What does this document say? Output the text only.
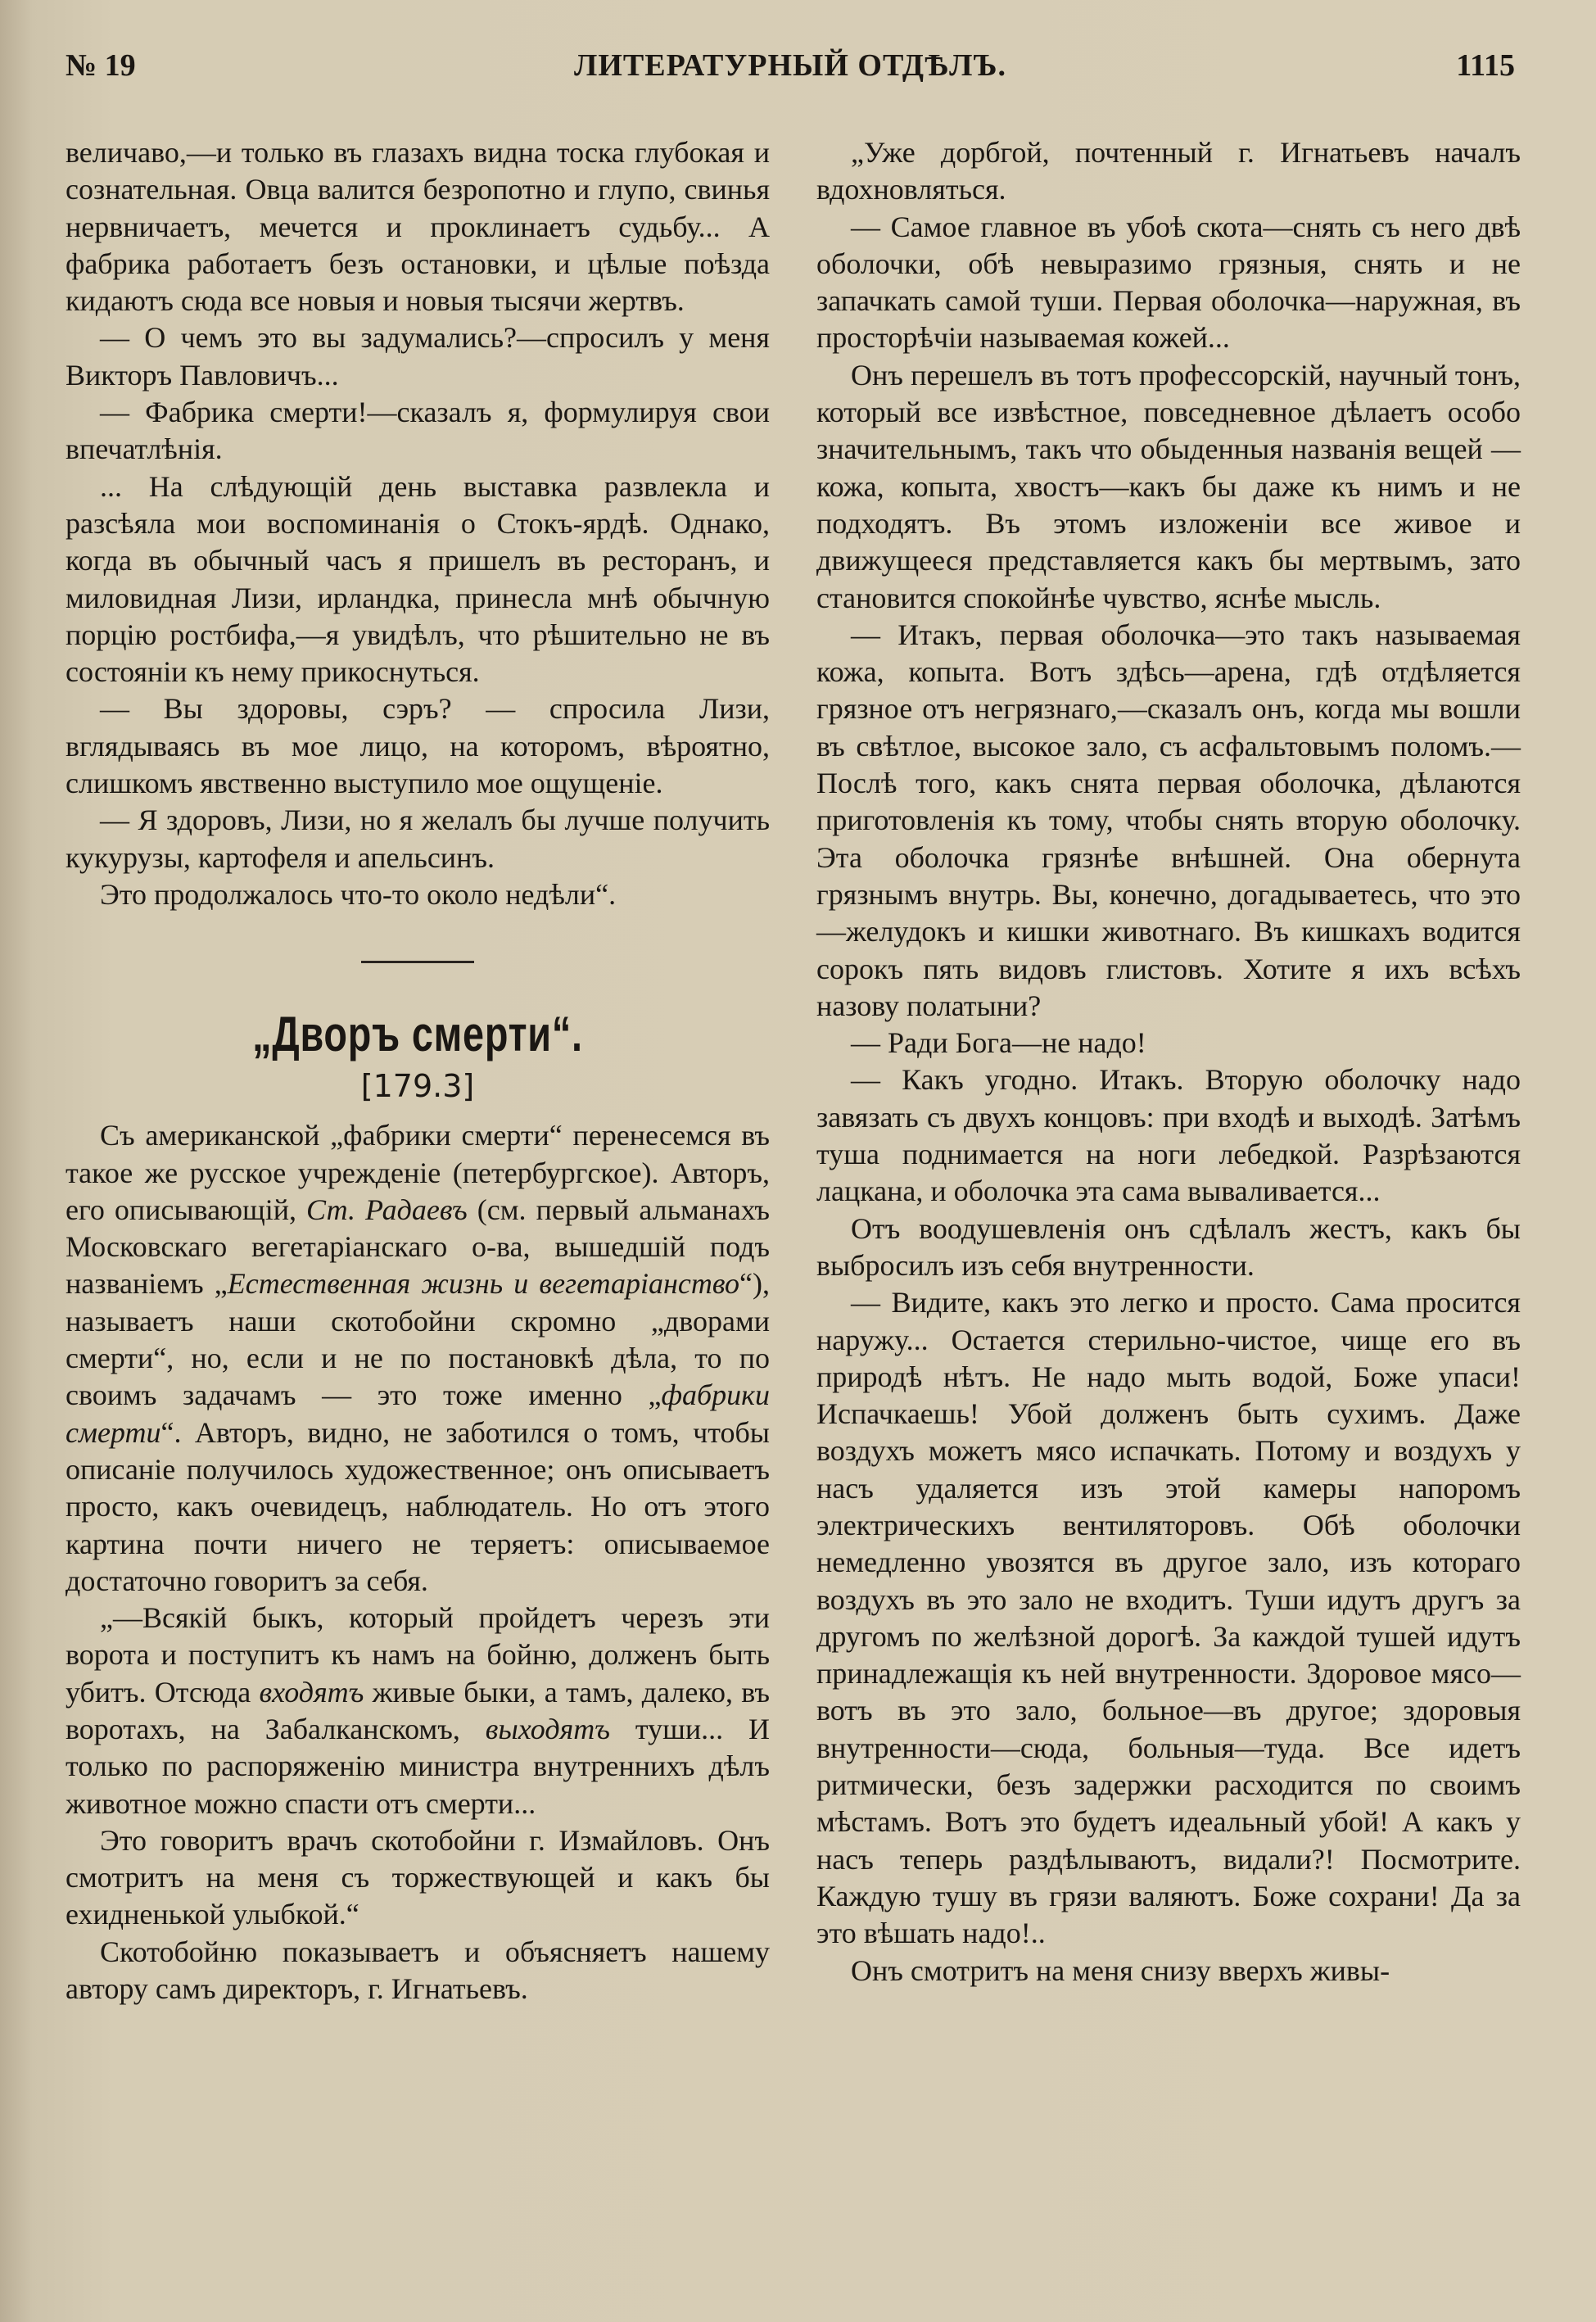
№ 19	ЛИТЕРАТУРНЫЙ ОТДѢЛЪ.	1115

величаво,—и только въ глазахъ видна тоска глубокая и сознательная. Овца валится безропотно и глупо, свинья нервничаетъ, мечется и проклинаетъ судьбу... А фабрика работаетъ безъ остановки, и цѣлые поѣзда кидаютъ сюда все новыя и новыя тысячи жертвъ.

— О чемъ это вы задумались?—спросилъ у меня Викторъ Павловичъ...

— Фабрика смерти!—сказалъ я, формулируя свои впечатлѣнія.

... На слѣдующій день выставка развлекла и разсѣяла мои воспоминанія о Стокъ-ярдѣ. Однако, когда въ обычный часъ я пришелъ въ ресторанъ, и миловидная Лизи, ирландка, принесла мнѣ обычную порцію ростбифа,—я увидѣлъ, что рѣшительно не въ состояніи къ нему прикоснуться.

— Вы здоровы, сэръ? — спросила Лизи, вглядываясь въ мое лицо, на которомъ, вѣроятно, слишкомъ явственно выступило мое ощущеніе.

— Я здоровъ, Лизи, но я желалъ бы лучше получить кукурузы, картофеля и апельсинъ.

Это продолжалось что-то около недѣли“.

„Дворъ смерти“.
[179.3]

Съ американской „фабрики смерти“ перенесемся въ такое же русское учрежденіе (петербургское). Авторъ, его описывающій, Ст. Радаевъ (см. первый альманахъ Московскаго вегетаріанскаго о-ва, вышедшій подъ названіемъ „Естественная жизнь и вегетаріанство“), называетъ наши скотобойни скромно „дворами смерти“, но, если и не по постановкѣ дѣла, то по своимъ задачамъ — это тоже именно „фабрики смерти“. Авторъ, видно, не заботился о томъ, чтобы описаніе получилось художественное; онъ описываетъ просто, какъ очевидецъ, наблюдатель. Но отъ этого картина почти ничего не теряетъ: описываемое достаточно говоритъ за себя.

„—Всякій быкъ, который пройдетъ черезъ эти ворота и поступитъ къ намъ на бойню, долженъ быть убитъ. Отсюда входятъ живые быки, а тамъ, далеко, въ воротахъ, на Забалканскомъ, выходятъ туши... И только по распоряженію министра внутреннихъ дѣлъ животное можно спасти отъ смерти...

Это говоритъ врачъ скотобойни г. Измайловъ. Онъ смотритъ на меня съ торжествующей и какъ бы ехидненькой улыбкой.“

Скотобойню показываетъ и объясняетъ нашему автору самъ директоръ, г. Игнатьевъ.

„Уже дорбгой, почтенный г. Игнатьевъ началъ вдохновляться.

— Самое главное въ убоѣ скота—снять съ него двѣ оболочки, обѣ невыразимо грязныя, снять и не запачкать самой туши. Первая оболочка—наружная, въ просторѣчіи называемая кожей...

Онъ перешелъ въ тотъ профессорскій, научный тонъ, который все извѣстное, повседневное дѣлаетъ особо значительнымъ, такъ что обыденныя названія вещей — кожа, копыта, хвостъ—какъ бы даже къ нимъ и не подходятъ. Въ этомъ изложеніи все живое и движущееся представляется какъ бы мертвымъ, зато становится спокойнѣе чувство, яснѣе мысль.

— Итакъ, первая оболочка—это такъ называемая кожа, копыта. Вотъ здѣсь—арена, гдѣ отдѣляется грязное отъ негрязнаго,—сказалъ онъ, когда мы вошли въ свѣтлое, высокое зало, съ асфальтовымъ поломъ.—Послѣ того, какъ снята первая оболочка, дѣлаются приготовленія къ тому, чтобы снять вторую оболочку. Эта оболочка грязнѣе внѣшней. Она обернута грязнымъ внутрь. Вы, конечно, догадываетесь, что это—желудокъ и кишки животнаго. Въ кишкахъ водится сорокъ пять видовъ глистовъ. Хотите я ихъ всѣхъ назову полатыни?

— Ради Бога—не надо!

— Какъ угодно. Итакъ. Вторую оболочку надо завязать съ двухъ концовъ: при входѣ и выходѣ. Затѣмъ туша поднимается на ноги лебедкой. Разрѣзаются лацкана, и оболочка эта сама вываливается...

Отъ воодушевленія онъ сдѣлалъ жестъ, какъ бы выбросилъ изъ себя внутренности.

— Видите, какъ это легко и просто. Сама просится наружу... Остается стерильно-чистое, чище его въ природѣ нѣтъ. Не надо мыть водой, Боже упаси! Испачкаешь! Убой долженъ быть сухимъ. Даже воздухъ можетъ мясо испачкать. Потому и воздухъ у насъ удаляется изъ этой камеры напоромъ электрическихъ вентиляторовъ. Обѣ оболочки немедленно увозятся въ другое зало, изъ котораго воздухъ въ это зало не входитъ. Туши идутъ другъ за другомъ по желѣзной дорогѣ. За каждой тушей идутъ принадлежащія къ ней внутренности. Здоровое мясо—вотъ въ это зало, больное—въ другое; здоровыя внутренности—сюда, больныя—туда. Все идетъ ритмически, безъ задержки расходится по своимъ мѣстамъ. Вотъ это будетъ идеальный убой! А какъ у насъ теперь раздѣлываютъ, видали?! Посмотрите. Каждую тушу въ грязи валяютъ. Боже сохрани! Да за это вѣшать надо!..

Онъ смотритъ на меня снизу вверхъ живы-
